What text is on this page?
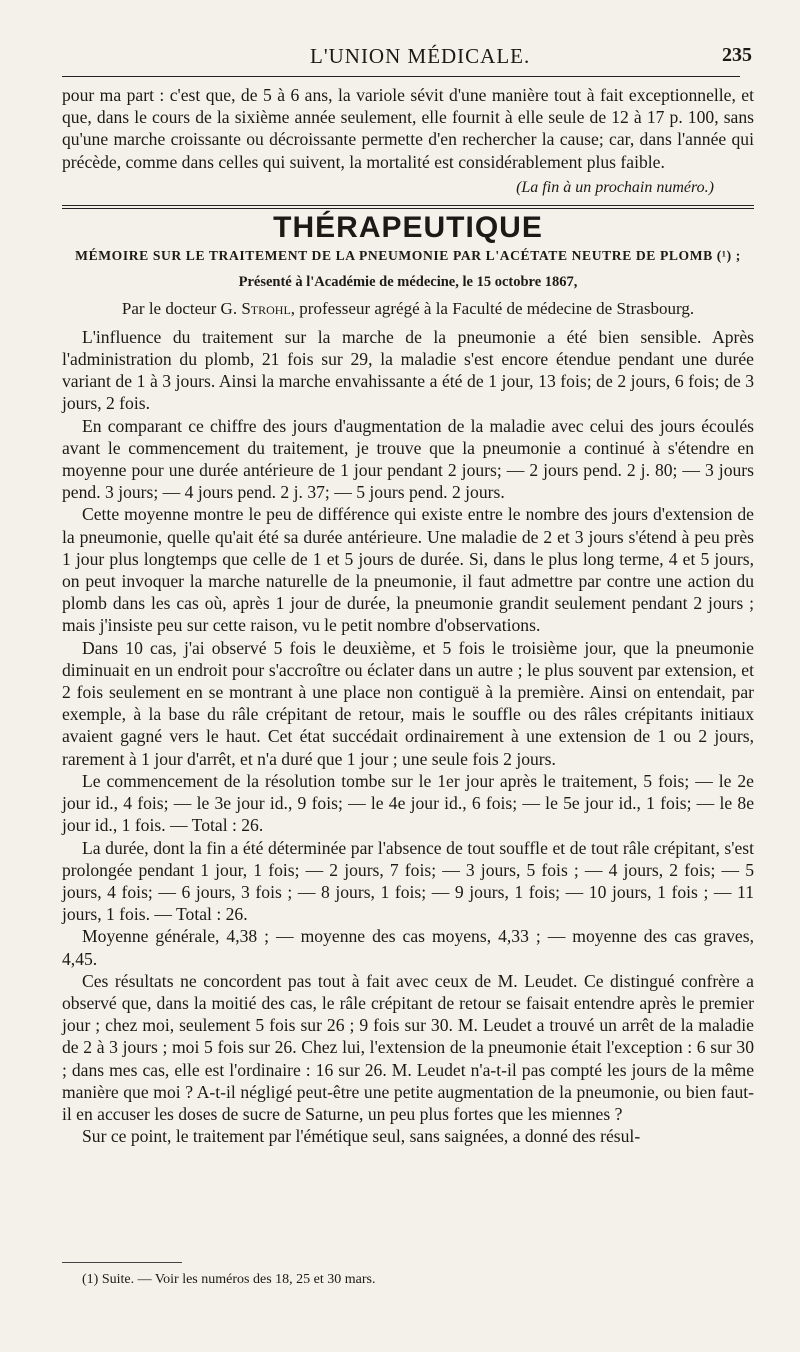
L'UNION MÉDICALE.	235

pour ma part : c'est que, de 5 à 6 ans, la variole sévit d'une manière tout à fait exceptionnelle, et que, dans le cours de la sixième année seulement, elle fournit à elle seule de 12 à 17 p. 100, sans qu'une marche croissante ou décroissante permette d'en rechercher la cause; car, dans l'année qui précède, comme dans celles qui suivent, la mortalité est considérablement plus faible.

(La fin à un prochain numéro.)

THÉRAPEUTIQUE
MÉMOIRE SUR LE TRAITEMENT DE LA PNEUMONIE PAR L'ACÉTATE NEUTRE DE PLOMB (¹) ;
Présenté à l'Académie de médecine, le 15 octobre 1867,
Par le docteur G. Strohl, professeur agrégé à la Faculté de médecine de Strasbourg.

L'influence du traitement sur la marche de la pneumonie a été bien sensible. Après l'administration du plomb, 21 fois sur 29, la maladie s'est encore étendue pendant une durée variant de 1 à 3 jours. Ainsi la marche envahissante a été de 1 jour, 13 fois; de 2 jours, 6 fois; de 3 jours, 2 fois.

En comparant ce chiffre des jours d'augmentation de la maladie avec celui des jours écoulés avant le commencement du traitement, je trouve que la pneumonie a continué à s'étendre en moyenne pour une durée antérieure de 1 jour pendant 2 jours; — 2 jours pend. 2 j. 80; — 3 jours pend. 3 jours; — 4 jours pend. 2 j. 37; — 5 jours pend. 2 jours.

Cette moyenne montre le peu de différence qui existe entre le nombre des jours d'extension de la pneumonie, quelle qu'ait été sa durée antérieure. Une maladie de 2 et 3 jours s'étend à peu près 1 jour plus longtemps que celle de 1 et 5 jours de durée. Si, dans le plus long terme, 4 et 5 jours, on peut invoquer la marche naturelle de la pneumonie, il faut admettre par contre une action du plomb dans les cas où, après 1 jour de durée, la pneumonie grandit seulement pendant 2 jours ; mais j'insiste peu sur cette raison, vu le petit nombre d'observations.

Dans 10 cas, j'ai observé 5 fois le deuxième, et 5 fois le troisième jour, que la pneumonie diminuait en un endroit pour s'accroître ou éclater dans un autre ; le plus souvent par extension, et 2 fois seulement en se montrant à une place non contiguë à la première. Ainsi on entendait, par exemple, à la base du râle crépitant de retour, mais le souffle ou des râles crépitants initiaux avaient gagné vers le haut. Cet état succédait ordinairement à une extension de 1 ou 2 jours, rarement à 1 jour d'arrêt, et n'a duré que 1 jour ; une seule fois 2 jours.

Le commencement de la résolution tombe sur le 1er jour après le traitement, 5 fois; — le 2e jour id., 4 fois; — le 3e jour id., 9 fois; — le 4e jour id., 6 fois; — le 5e jour id., 1 fois; — le 8e jour id., 1 fois. — Total : 26.

La durée, dont la fin a été déterminée par l'absence de tout souffle et de tout râle crépitant, s'est prolongée pendant 1 jour, 1 fois; — 2 jours, 7 fois; — 3 jours, 5 fois ; — 4 jours, 2 fois; — 5 jours, 4 fois; — 6 jours, 3 fois ; — 8 jours, 1 fois; — 9 jours, 1 fois; — 10 jours, 1 fois ; — 11 jours, 1 fois. — Total : 26.

Moyenne générale, 4,38 ; — moyenne des cas moyens, 4,33 ; — moyenne des cas graves, 4,45.

Ces résultats ne concordent pas tout à fait avec ceux de M. Leudet. Ce distingué confrère a observé que, dans la moitié des cas, le râle crépitant de retour se faisait entendre après le premier jour ; chez moi, seulement 5 fois sur 26 ; 9 fois sur 30. M. Leudet a trouvé un arrêt de la maladie de 2 à 3 jours ; moi 5 fois sur 26. Chez lui, l'extension de la pneumonie était l'exception : 6 sur 30 ; dans mes cas, elle est l'ordinaire : 16 sur 26. M. Leudet n'a-t-il pas compté les jours de la même manière que moi ? A-t-il négligé peut-être une petite augmentation de la pneumonie, ou bien faut-il en accuser les doses de sucre de Saturne, un peu plus fortes que les miennes ?

Sur ce point, le traitement par l'émétique seul, sans saignées, a donné des résul-

(1) Suite. — Voir les numéros des 18, 25 et 30 mars.
